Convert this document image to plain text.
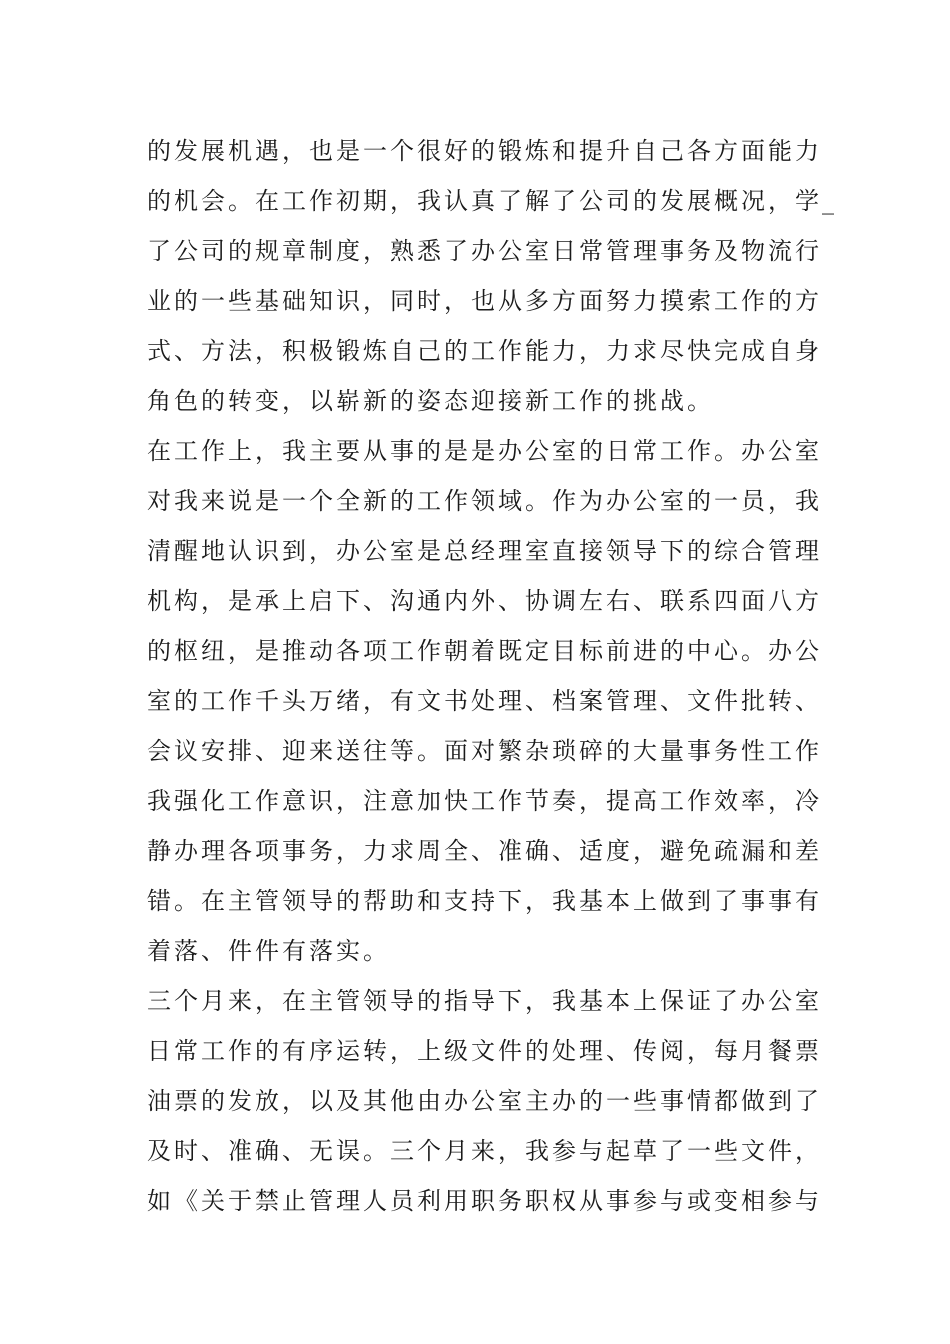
的发展机遇，也是一个很好的锻炼和提升自己各方面能力
的机会。在工作初期，我认真了解了公司的发展概况，学_
了公司的规章制度，熟悉了办公室日常管理事务及物流行
业的一些基础知识，同时，也从多方面努力摸索工作的方
式、方法，积极锻炼自己的工作能力，力求尽快完成自身
角色的转变，以崭新的姿态迎接新工作的挑战。
在工作上，我主要从事的是是办公室的日常工作。办公室
对我来说是一个全新的工作领域。作为办公室的一员，我
清醒地认识到，办公室是总经理室直接领导下的综合管理
机构，是承上启下、沟通内外、协调左右、联系四面八方
的枢纽，是推动各项工作朝着既定目标前进的中心。办公
室的工作千头万绪，有文书处理、档案管理、文件批转、
会议安排、迎来送往等。面对繁杂琐碎的大量事务性工作
我强化工作意识，注意加快工作节奏，提高工作效率，冷
静办理各项事务，力求周全、准确、适度，避免疏漏和差
错。在主管领导的帮助和支持下，我基本上做到了事事有
着落、件件有落实。
三个月来，在主管领导的指导下，我基本上保证了办公室
日常工作的有序运转，上级文件的处理、传阅，每月餐票
油票的发放，以及其他由办公室主办的一些事情都做到了
及时、准确、无误。三个月来，我参与起草了一些文件，
如《关于禁止管理人员利用职务职权从事参与或变相参与
